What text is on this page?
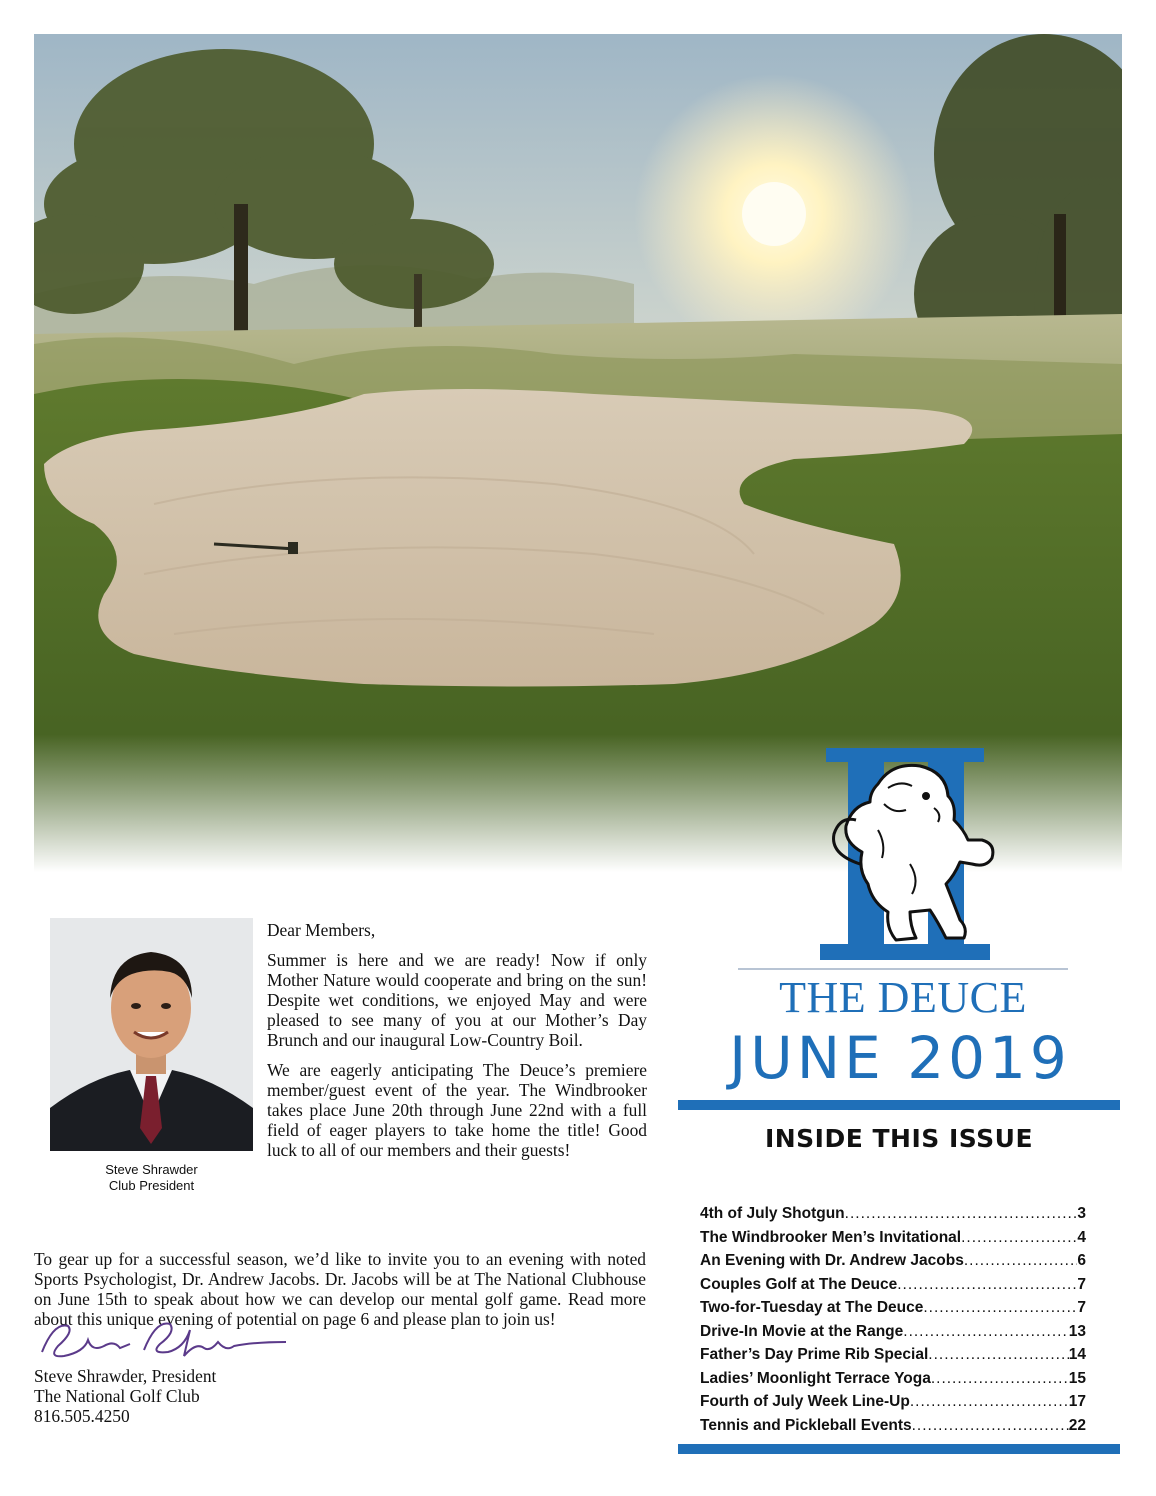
THE DEUCE
JUNE 2019
Steve Shrawder
Club President

Dear Members,

Summer is here and we are ready! Now if only Mother Nature would cooperate and bring on the sun! Despite wet conditions, we enjoyed May and were pleased to see many of you at our Mother’s Day Brunch and our inaugural Low-Country Boil.

We are eagerly anticipating The Deuce’s premiere member/guest event of the year. The Windbrooker takes place June 20th through June 22nd with a full field of eager players to take home the title! Good luck to all of our members and their guests!

To gear up for a successful season, we’d like to invite you to an evening with noted Sports Psychologist, Dr. Andrew Jacobs. Dr. Jacobs will be at The National Clubhouse on June 15th to speak about how we can develop our mental golf game. Read more about this unique evening of potential on page 6 and please plan to join us!
Steve Shrawder, President
The National Golf Club
816.505.4250
INSIDE THIS ISSUE
4th of July Shotgun .....	3
The Windbrooker Men’s Invitational .....	4
An Evening with Dr. Andrew Jacobs .....	6
Couples Golf at The Deuce .....	7
Two-for-Tuesday at The Deuce .....	7
Drive-In Movie at the Range .....	13
Father’s Day Prime Rib Special .....	14
Ladies’ Moonlight Terrace Yoga .....	15
Fourth of July Week Line-Up .....	17
Tennis and Pickleball Events .....	22
